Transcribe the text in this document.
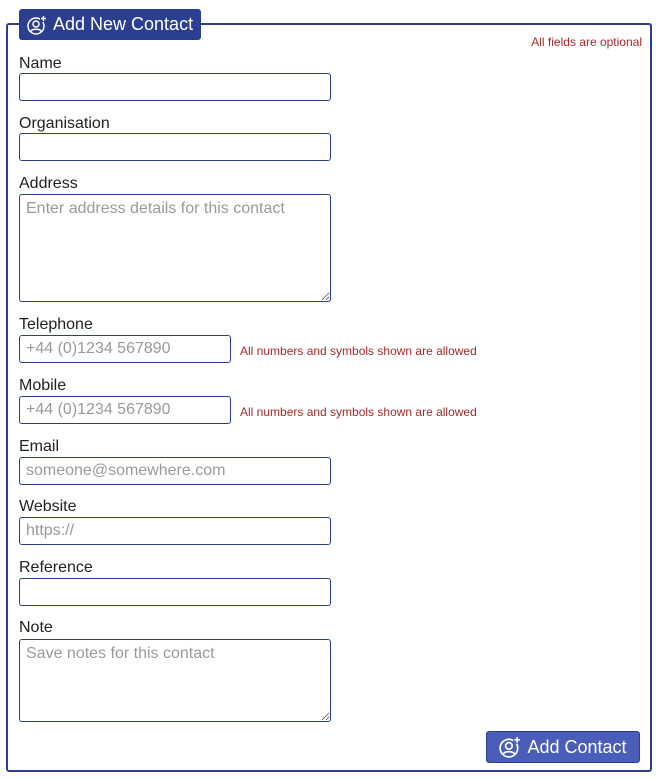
Add New Contact
All fields are optional
Name
Organisation
Address
Enter address details for this contact
Telephone
+44 (0)1234 567890
All numbers and symbols shown are allowed
Mobile
+44 (0)1234 567890
All numbers and symbols shown are allowed
Email
someone@somewhere.com
Website
https://
Reference
Note
Save notes for this contact
Add Contact
